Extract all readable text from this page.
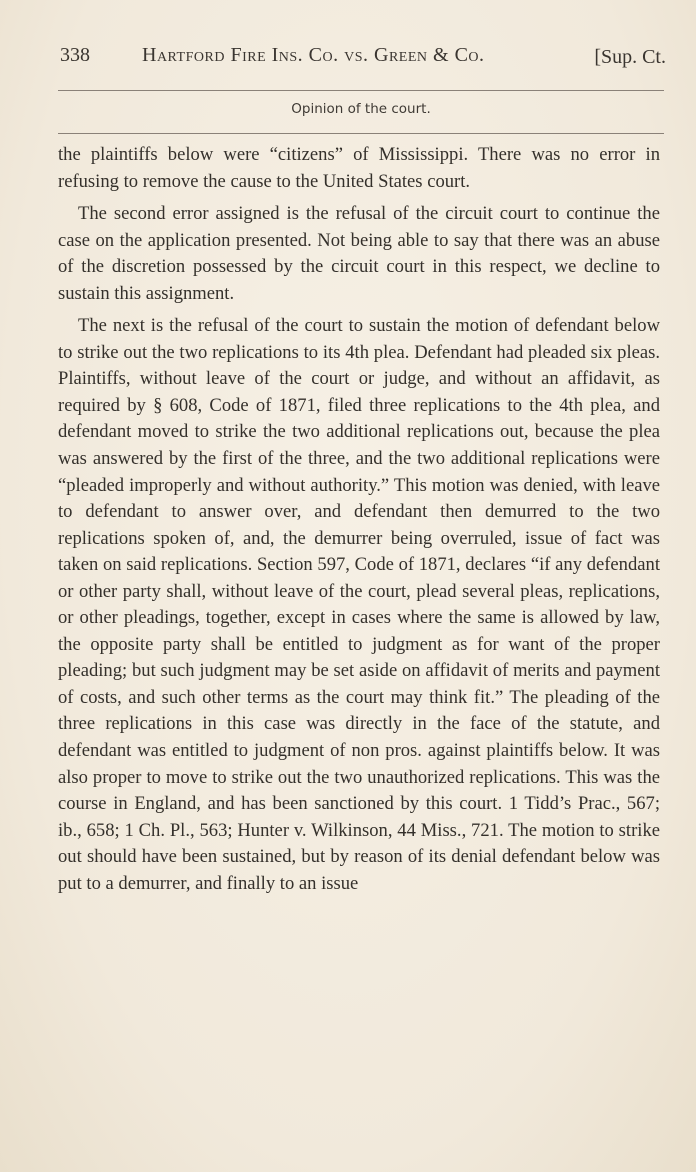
338	Hartford Fire Ins. Co. vs. Green & Co.	[Sup. Ct.
Opinion of the court.

the plaintiffs below were “citizens” of Mississippi. There was no error in refusing to remove the cause to the United States court.

The second error assigned is the refusal of the circuit court to continue the case on the application presented. Not being able to say that there was an abuse of the discretion possessed by the circuit court in this respect, we decline to sustain this assignment.

The next is the refusal of the court to sustain the motion of defendant below to strike out the two replications to its 4th plea. Defendant had pleaded six pleas. Plaintiffs, without leave of the court or judge, and without an affidavit, as required by § 608, Code of 1871, filed three replications to the 4th plea, and defendant moved to strike the two additional replications out, because the plea was answered by the first of the three, and the two additional replications were “pleaded improperly and without authority.” This motion was denied, with leave to defendant to answer over, and defendant then demurred to the two replications spoken of, and, the demurrer being overruled, issue of fact was taken on said replications. Section 597, Code of 1871, declares “if any defendant or other party shall, without leave of the court, plead several pleas, replications, or other pleadings, together, except in cases where the same is allowed by law, the opposite party shall be entitled to judgment as for want of the proper pleading; but such judgment may be set aside on affidavit of merits and payment of costs, and such other terms as the court may think fit.” The pleading of the three replications in this case was directly in the face of the statute, and defendant was entitled to judgment of non pros. against plaintiffs below. It was also proper to move to strike out the two unauthorized replications. This was the course in England, and has been sanctioned by this court. 1 Tidd’s Prac., 567; ib., 658; 1 Ch. Pl., 563; Hunter v. Wilkinson, 44 Miss., 721. The motion to strike out should have been sustained, but by reason of its denial defendant below was put to a demurrer, and finally to an issue
